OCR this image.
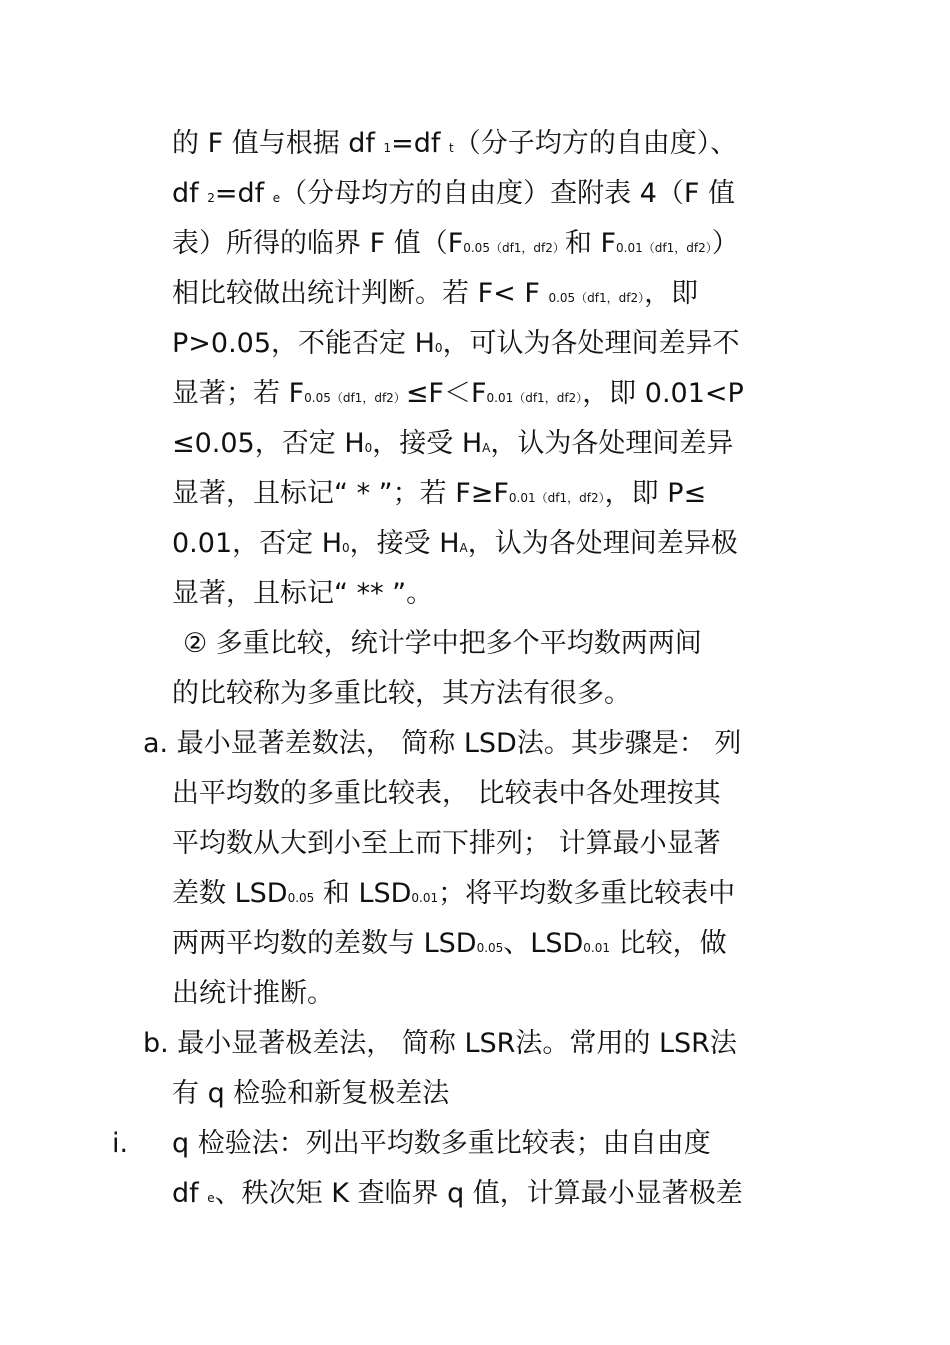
的 F 值与根据 df 1=df t（分子均方的自由度）、
df 2=df e（分母均方的自由度）查附表 4（F 值
表）所得的临界 F 值（F0.05（df1，df2）和 F0.01（df1，df2））
相比较做出统计判断。若 F< F 0.05（df1，df2），即
P>0.05，不能否定 H0，可认为各处理间差异不
显著；若 F0.05（df1，df2）≤F＜F0.01（df1，df2），即 0.01<P
≤0.05，否定 H0，接受 HA，认为各处理间差异
显著，且标记“ * ”；若 F≥F0.01（df1，df2），即 P≤
0.01，否定 H0，接受 HA，认为各处理间差异极
显著，且标记“ ** ”。
② 多重比较，统计学中把多个平均数两两间
的比较称为多重比较，其方法有很多。
a. 最小显著差数法， 简称 LSD法。其步骤是： 列
出平均数的多重比较表， 比较表中各处理按其
平均数从大到小至上而下排列； 计算最小显著
差数 LSD0.05 和 LSD0.01；将平均数多重比较表中
两两平均数的差数与 LSD0.05、LSD0.01 比较，做
出统计推断。
b. 最小显著极差法， 简称 LSR法。常用的 LSR法
有 q 检验和新复极差法
i. q 检验法：列出平均数多重比较表；由自由度
df e、秩次矩 K 查临界 q 值，计算最小显著极差
